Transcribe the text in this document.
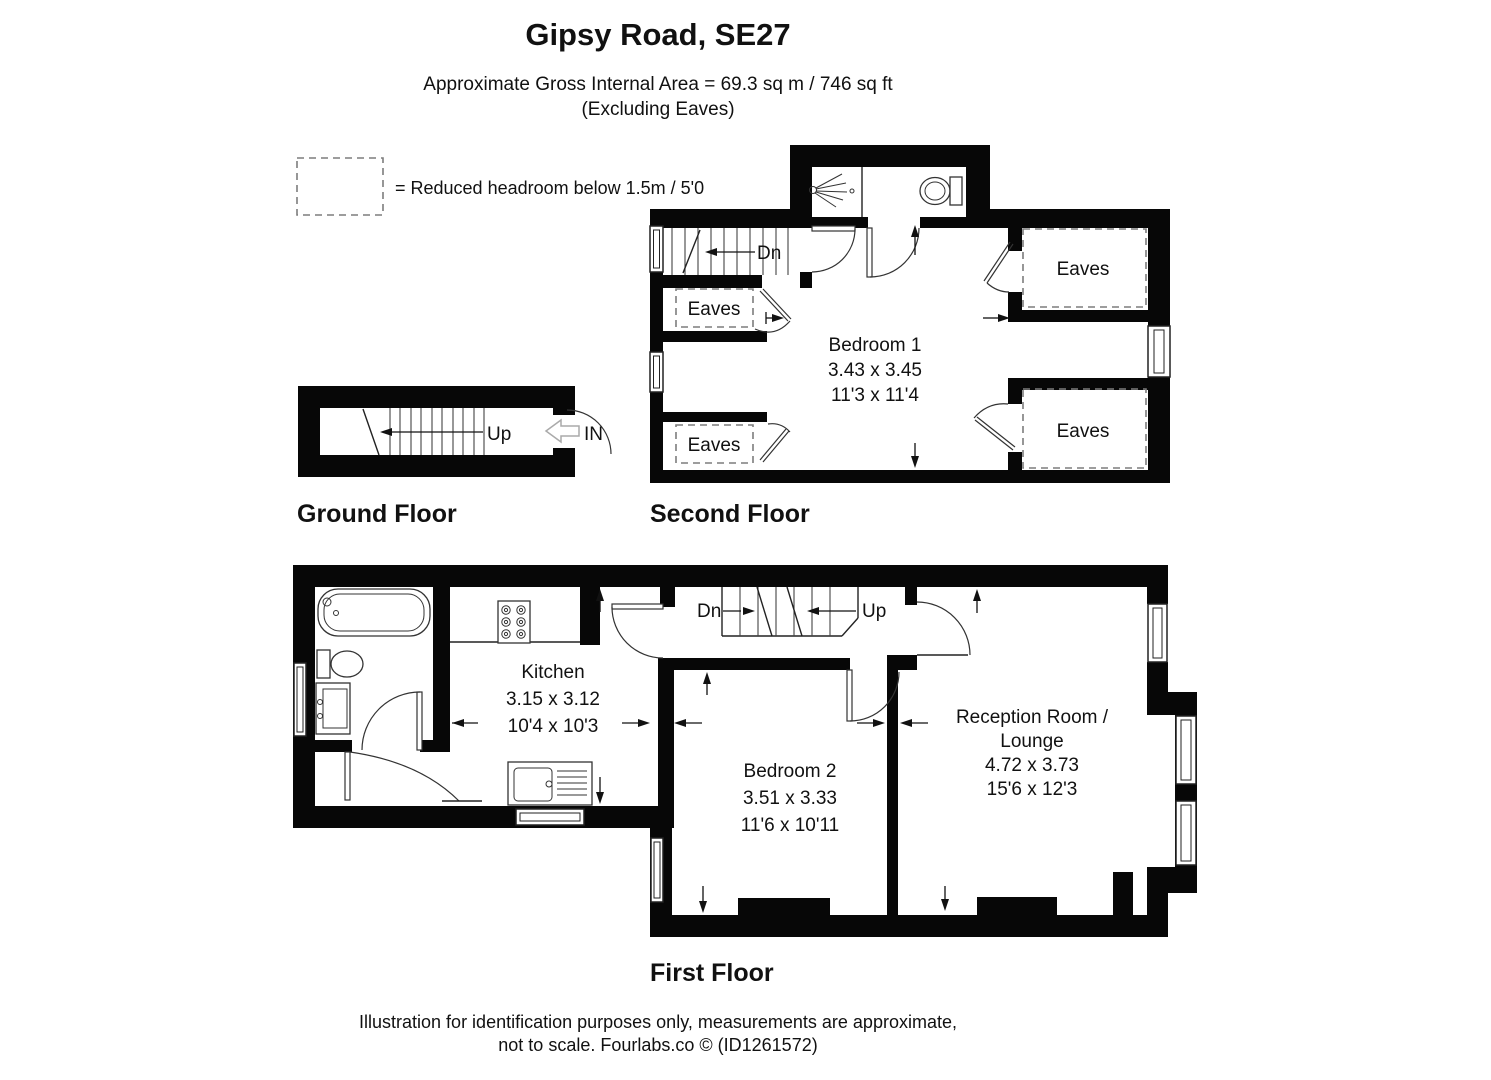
Gipsy Road, SE27
Approximate Gross Internal Area = 69.3 sq m / 746 sq ft
(Excluding Eaves)
= Reduced headroom below 1.5m / 5'0
Dn
Eaves
Eaves
Eaves
Eaves
Bedroom 1
3.43 x 3.45
11'3 x 11'4
Second Floor
Up	IN
Ground Floor
Dn	Up
Kitchen
3.15 x 3.12
10'4 x 10'3
Bedroom 2
3.51 x 3.33
11'6 x 10'11
Reception Room /
Lounge
4.72 x 3.73
15'6 x 12'3
First Floor
Illustration for identification purposes only, measurements are approximate,
not to scale. Fourlabs.co © (ID1261572)
